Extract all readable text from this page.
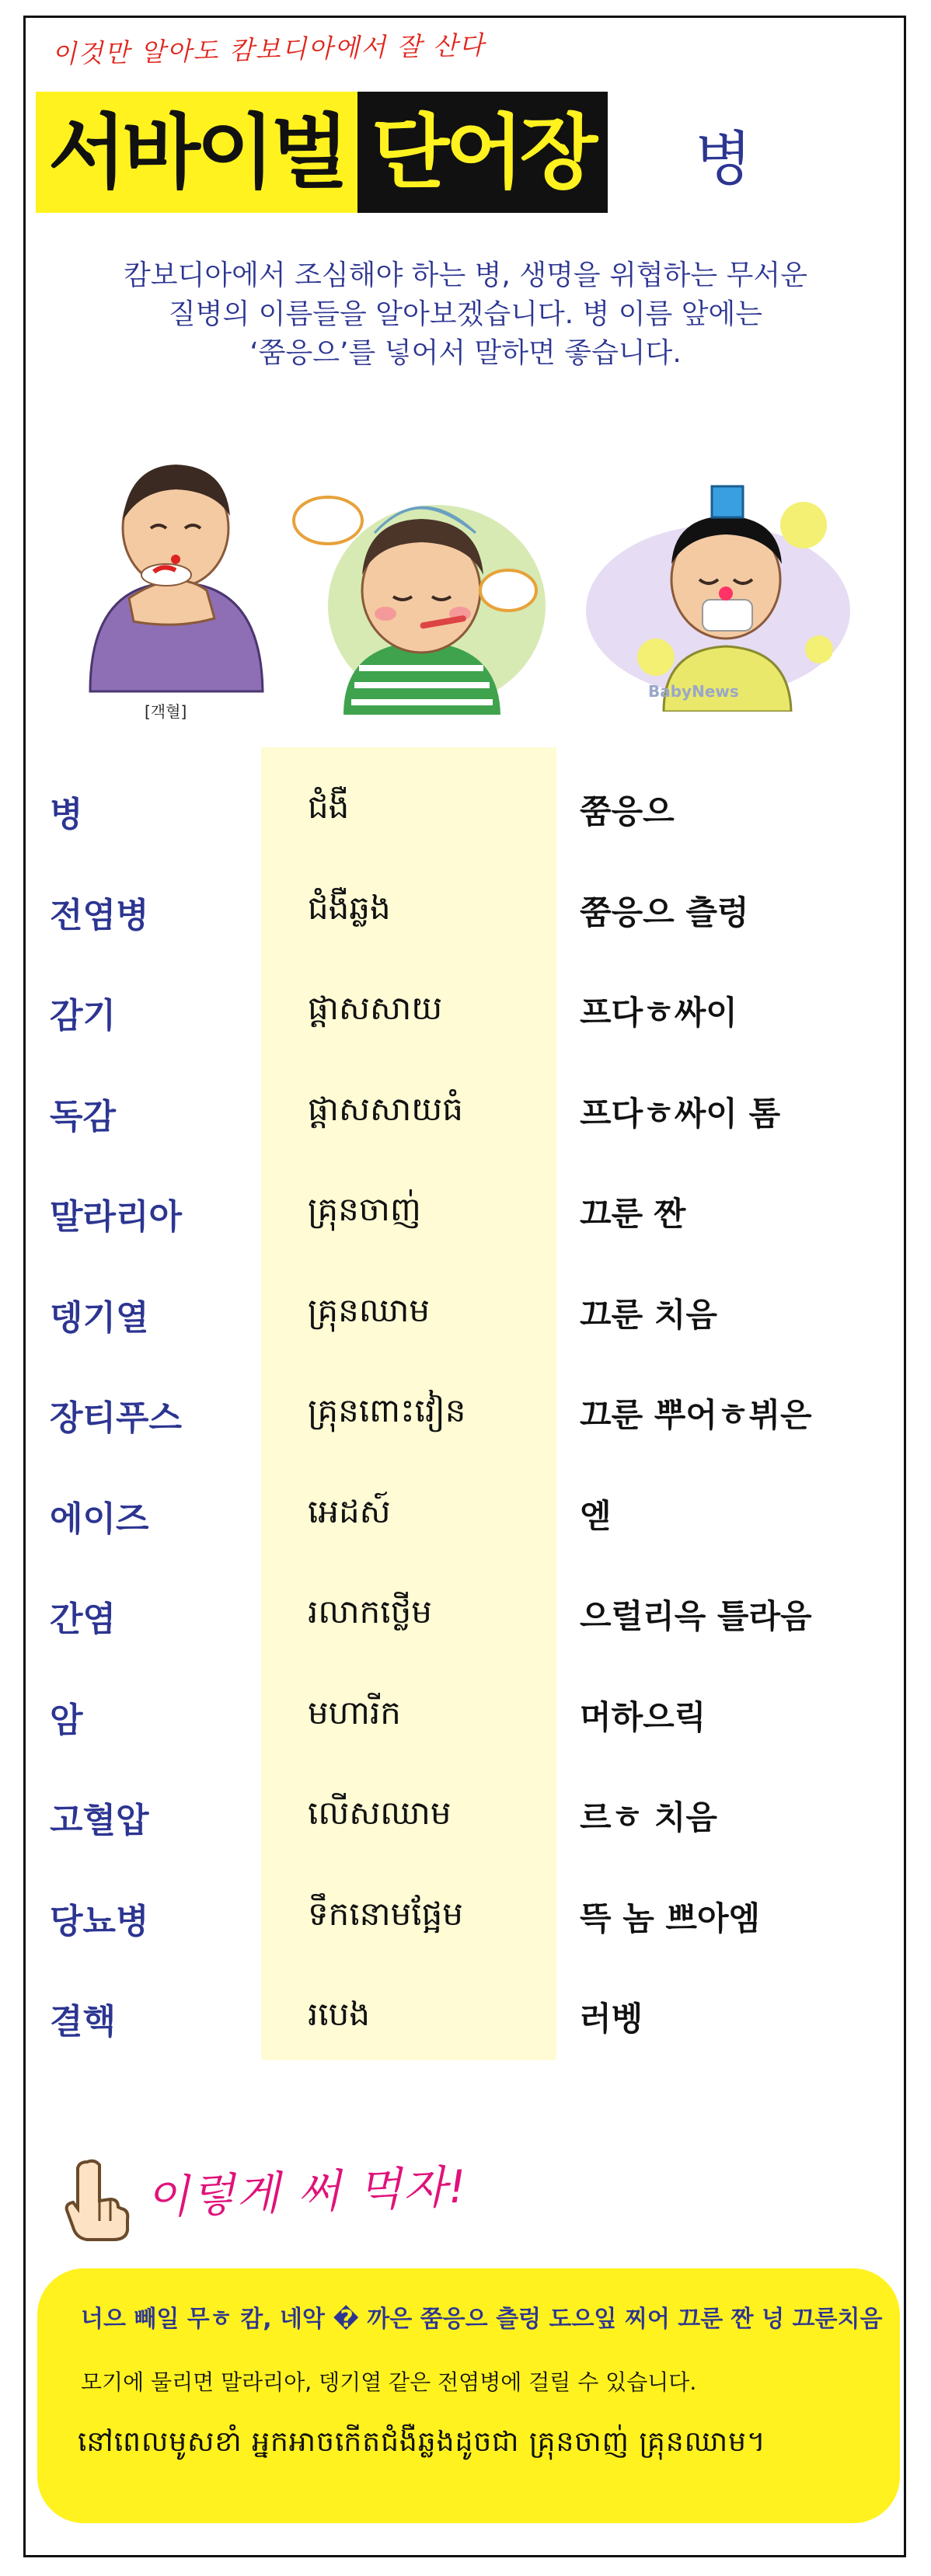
이것만 알아도 캄보디아에서 잘 산다
서바이벌 단어장 병
캄보디아에서 조심해야 하는 병, 생명을 위협하는 무서운
질병의 이름들을 알아보겠습니다. 병 이름 앞에는
‘쭘응으’를 넣어서 말하면 좋습니다.
[객혈]
BabyNews
병	ជំងឺ	쭘응으
전염병	ជំងឺឆ្លង	쭘응으 츨렁
감기	ផ្តាសសាយ	프다ㅎ싸이
독감	ផ្តាសសាយធំ	프다ㅎ싸이 톰
말라리아	គ្រុនចាញ់	끄룬 짠
뎅기열	គ្រុនឈាម	끄룬 치음
장티푸스	គ្រុនពោះវៀន	끄룬 뿌어ㅎ뷔은
에이즈	អេដស៍	엗
간염	រលាកថ្លើម	으럴리윽 틀라음
암	មហារីក	머하으릭
고혈압	លើសឈាម	르ㅎ 치음
당뇨병	ទឹកនោមផ្អែម	뜩 놈 쁘아엠
결핵	របេង	러벵
이렇게 써 먹자!
너으 빼일 무ㅎ 캄, 네악 � 까은 쭘응으 츨렁 도으잎 찌어 끄룬 짠 넝 끄룬치음
모기에 물리면 말라리아, 뎅기열 같은 전염병에 걸릴 수 있습니다.
នៅពេលមូសខាំ អ្នកអាចកើតជំងឺឆ្លងដូចជា គ្រុនចាញ់ គ្រុនឈាម។
